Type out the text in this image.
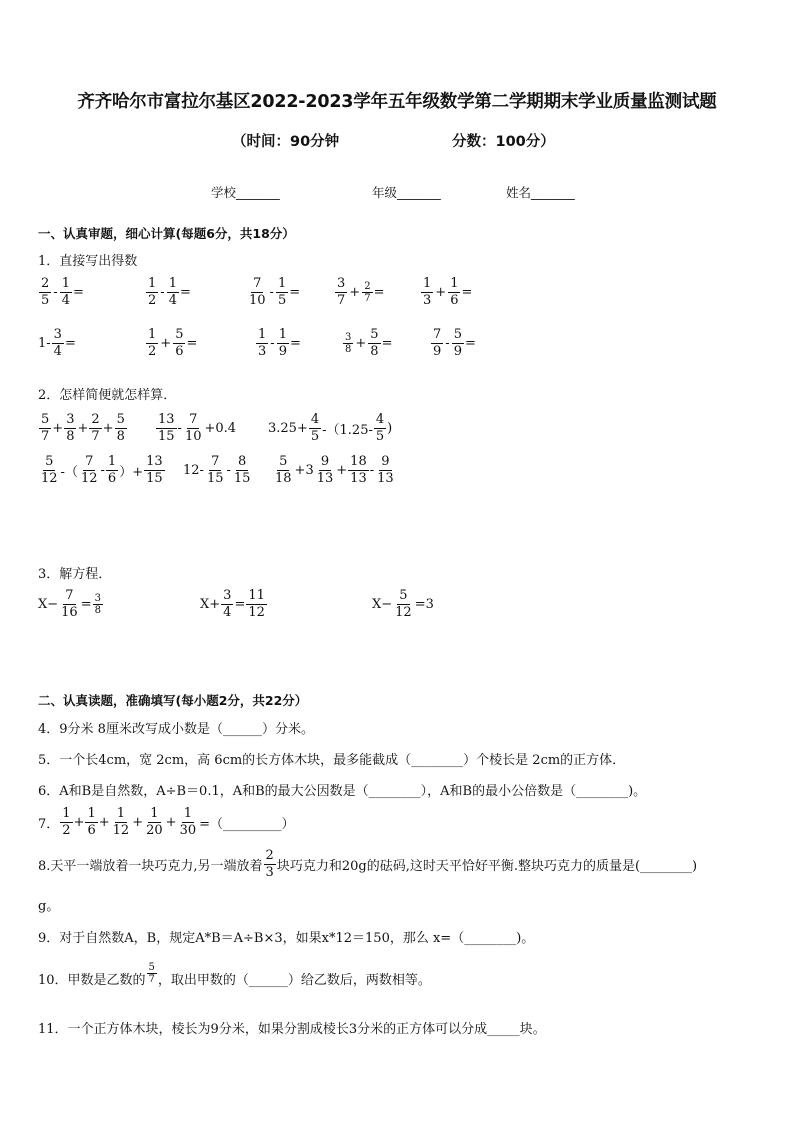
齐齐哈尔市富拉尔基区2022-2023学年五年级数学第二学期期末学业质量监测试题
（时间：90分钟	分数：100分）
学校_______	年级_______	姓名_______
一、认真审题，细心计算(每题6分，共18分）
1．直接写出得数
2
5
- $\frac{1}{4}$ =
1
2
- $\frac{1}{4}$ =
7
10
- $\frac{1}{5}$ =
3
7
+ $\frac{2}{7}$ =
1
3
+ $\frac{1}{6}$ =
$1- \frac{3}{4}$ =
1
2
+ $\frac{5}{6}$ =
1
3
- $\frac{1}{9}$ =	3
$8 + \frac{5}{8}$ =
7
9
- $\frac{5}{9}$ =
2．怎样简便就怎样算．
5
7
+ $\frac{3}{8} + \frac{2}{7} + \frac{5}{8} 13$
15
-
7
10
+0.4 $3.25+ \frac{4}{5} -(1.25-$
4
5
)
5
12 -（
7
12
-
1
6 ）+ $\frac{13}{15} 12-$
7
15
-
8
15
5
18
+3
9
13
+ $\frac{18}{13}$ -
9
13
3．解方程．
$X- \frac{7}{16} = \frac{3}{8}$	$X+ \frac{3}{4} = \frac{11}{12}$	$X- \frac{5}{12} =3$
二、认真读题，准确填写(每小题2分，共22分）
4．9分米 8厘米改写成小数是（______）分米。
5．一个长4cm，宽 2cm，高 6cm的长方体木块，最多能截成（________）个棱长是 2cm的正方体．
6．A和B是自然数，A÷B＝0.1，A和B的最大公因数是（________），A和B的最小公倍数是（________)。
7．
1
2
+ $\frac{1}{6} + \frac{1}{12} + \frac{1}{20} + \frac{1}{30}$ =（_________）
8.天平一端放着一块巧克力,另一端放着
2
3 块巧克力和20g的砝码,这时天平恰好平衡.整块巧克力的质量是(________)
g。
9．对于自然数A，B，规定A*B＝A÷B×3，如果x*12＝150，那么 x=（________)。
10．甲数是乙数的
5
7 ，取出甲数的（______）给乙数后，两数相等。
11．一个正方体木块，棱长为9分米，如果分割成棱长3分米的正方体可以分成_____块。
